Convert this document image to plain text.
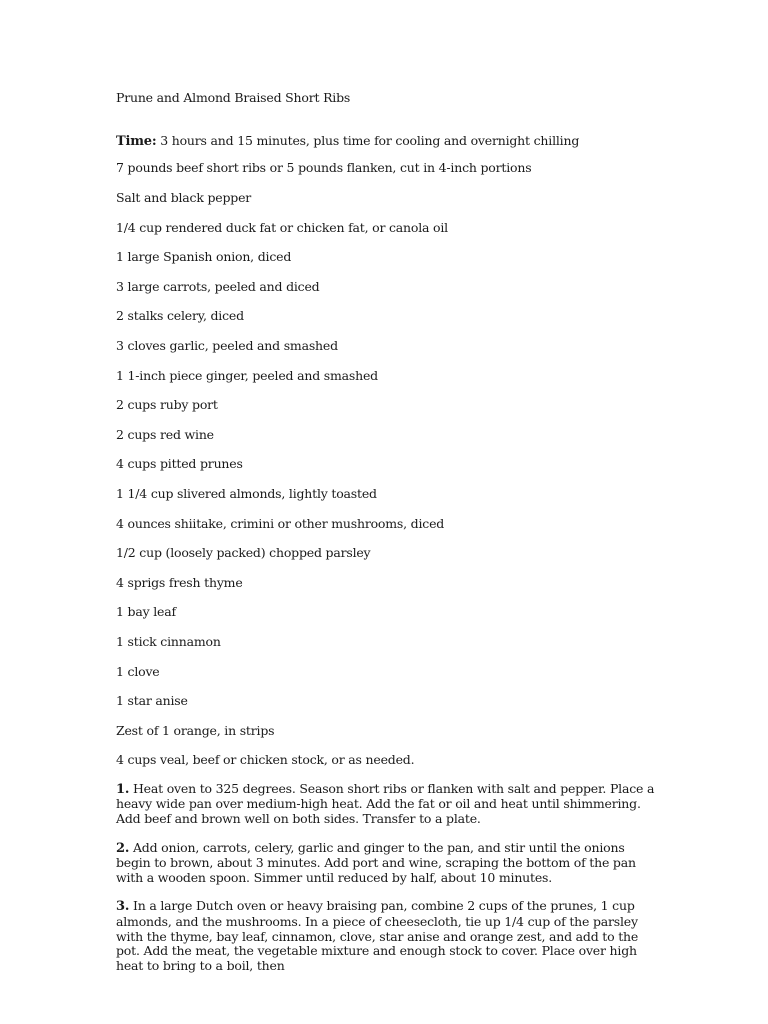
Prune and Almond Braised Short Ribs
Time: 3 hours and 15 minutes, plus time for cooling and overnight chilling
7 pounds beef short ribs or 5 pounds flanken, cut in 4-inch portions
Salt and black pepper
1/4 cup rendered duck fat or chicken fat, or canola oil
1 large Spanish onion, diced
3 large carrots, peeled and diced
2 stalks celery, diced
3 cloves garlic, peeled and smashed
1 1-inch piece ginger, peeled and smashed
2 cups ruby port
2 cups red wine
4 cups pitted prunes
1 1/4 cup slivered almonds, lightly toasted
4 ounces shiitake, crimini or other mushrooms, diced
1/2 cup (loosely packed) chopped parsley
4 sprigs fresh thyme
1 bay leaf
1 stick cinnamon
1 clove
1 star anise
Zest of 1 orange, in strips
4 cups veal, beef or chicken stock, or as needed.

1. Heat oven to 325 degrees. Season short ribs or flanken with salt and pepper. Place a heavy wide pan over medium-high heat. Add the fat or oil and heat until shimmering. Add beef and brown well on both sides. Transfer to a plate.

2. Add onion, carrots, celery, garlic and ginger to the pan, and stir until the onions begin to brown, about 3 minutes. Add port and wine, scraping the bottom of the pan with a wooden spoon. Simmer until reduced by half, about 10 minutes.

3. In a large Dutch oven or heavy braising pan, combine 2 cups of the prunes, 1 cup almonds, and the mushrooms. In a piece of cheesecloth, tie up 1/4 cup of the parsley with the thyme, bay leaf, cinnamon, clove, star anise and orange zest, and add to the pot. Add the meat, the vegetable mixture and enough stock to cover. Place over high heat to bring to a boil, then
